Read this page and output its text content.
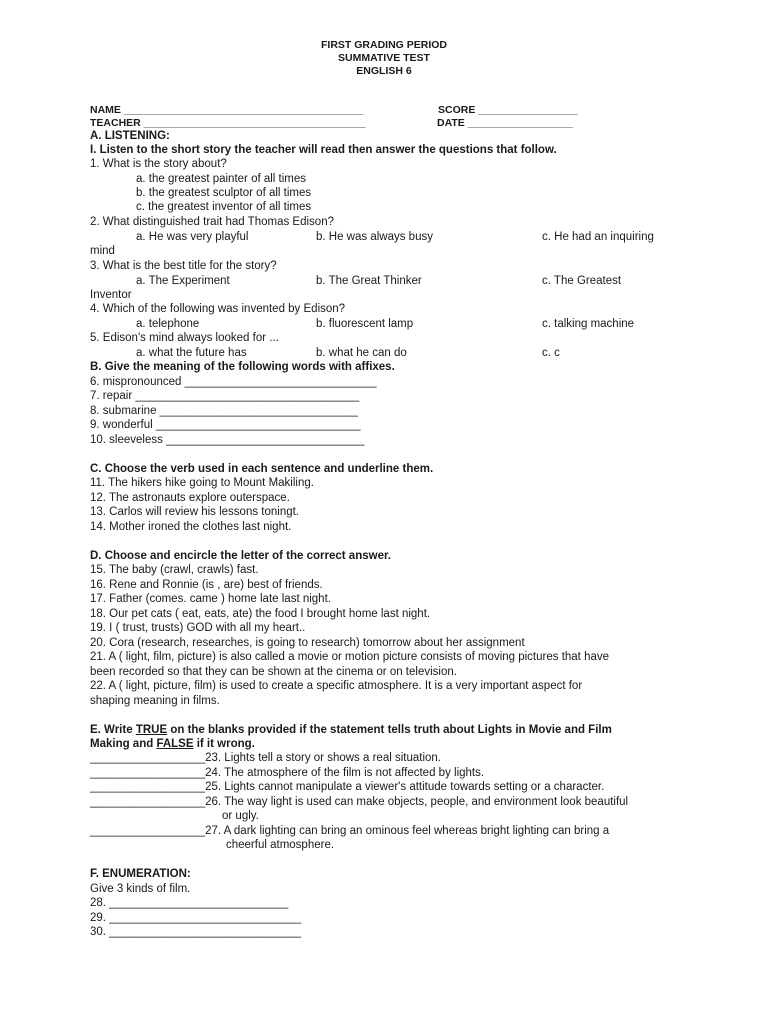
FIRST GRADING PERIOD
SUMMATIVE TEST
ENGLISH 6
NAME _________________________________________	SCORE _________________
TEACHER ______________________________________	DATE __________________
A. LISTENING:
I. Listen to the short story the teacher will read then answer the questions that follow.
1. What is the story about?
a. the greatest painter of all times
b. the greatest sculptor of all times
c. the greatest inventor of all times
2. What distinguished trait had Thomas Edison?
a. He was very playful	b. He was always busy	c. He had an inquiring
mind
3. What is the best title for the story?
a. The Experiment	b. The Great Thinker	c. The Greatest
Inventor
4. Which of the following was invented by Edison?
a. telephone	b. fluorescent lamp	c. talking machine
5. Edison's mind always looked for ...
a. what the future has	b. what he can do	c. c
B. Give the meaning of the following words with affixes.
6. mispronounced ______________________________
7. repair ___________________________________
8. submarine _______________________________
9. wonderful ________________________________
10. sleeveless _______________________________
C. Choose the verb used in each sentence and underline them.
11. The hikers hike going to Mount Makiling.
12. The astronauts explore outerspace.
13. Carlos will review his lessons toningt.
14. Mother ironed the clothes last night.
D. Choose and encircle the letter of the correct answer.
15. The baby (crawl, crawls) fast.
16. Rene and Ronnie (is , are) best of friends.
17. Father (comes. came ) home late last night.
18. Our pet cats ( eat, eats, ate) the food I brought home last night.
19. I ( trust, trusts) GOD with all my heart..
20. Cora (research, researches, is going to research) tomorrow about her assignment
21. A ( light, film, picture) is also called a movie or motion picture consists of moving pictures that have
been recorded so that they can be shown at the cinema or on television.
22. A ( light, picture, film) is used to create a specific atmosphere. It is a very important aspect for
shaping meaning in films.
E. Write TRUE on the blanks provided if the statement tells truth about Lights in Movie and Film
Making and FALSE if it wrong.
__________________23. Lights tell a story or shows a real situation.
__________________24. The atmosphere of the film is not affected by lights.
__________________25. Lights cannot manipulate a viewer's attitude towards setting or a character.
__________________26. The way light is used can make objects, people, and environment look beautiful
or ugly.
__________________27. A dark lighting can bring an ominous feel whereas bright lighting can bring a
cheerful atmosphere.
F. ENUMERATION:
Give 3 kinds of film.
28. ____________________________
29. ______________________________
30. ______________________________
